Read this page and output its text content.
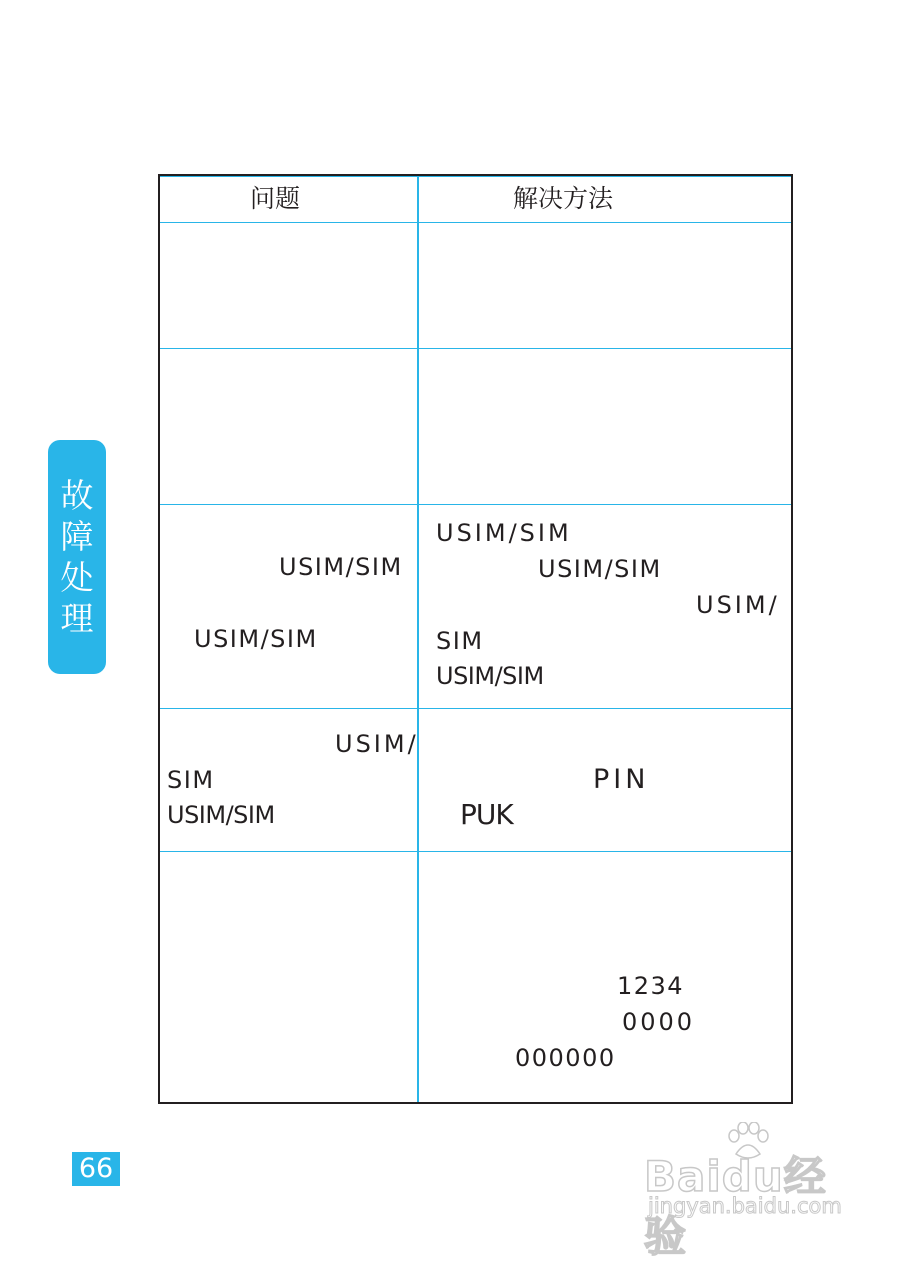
故
障
处
理
问题	解决方法
USIM/SIM
USIM/SIM
USIM/SIM
USIM/SIM
USIM/
SIM
USIM/SIM
USIM/
SIM
USIM/SIM
PIN
PUK
1234
0000
000000
66	Baidu经验
jingyan.baidu.com
